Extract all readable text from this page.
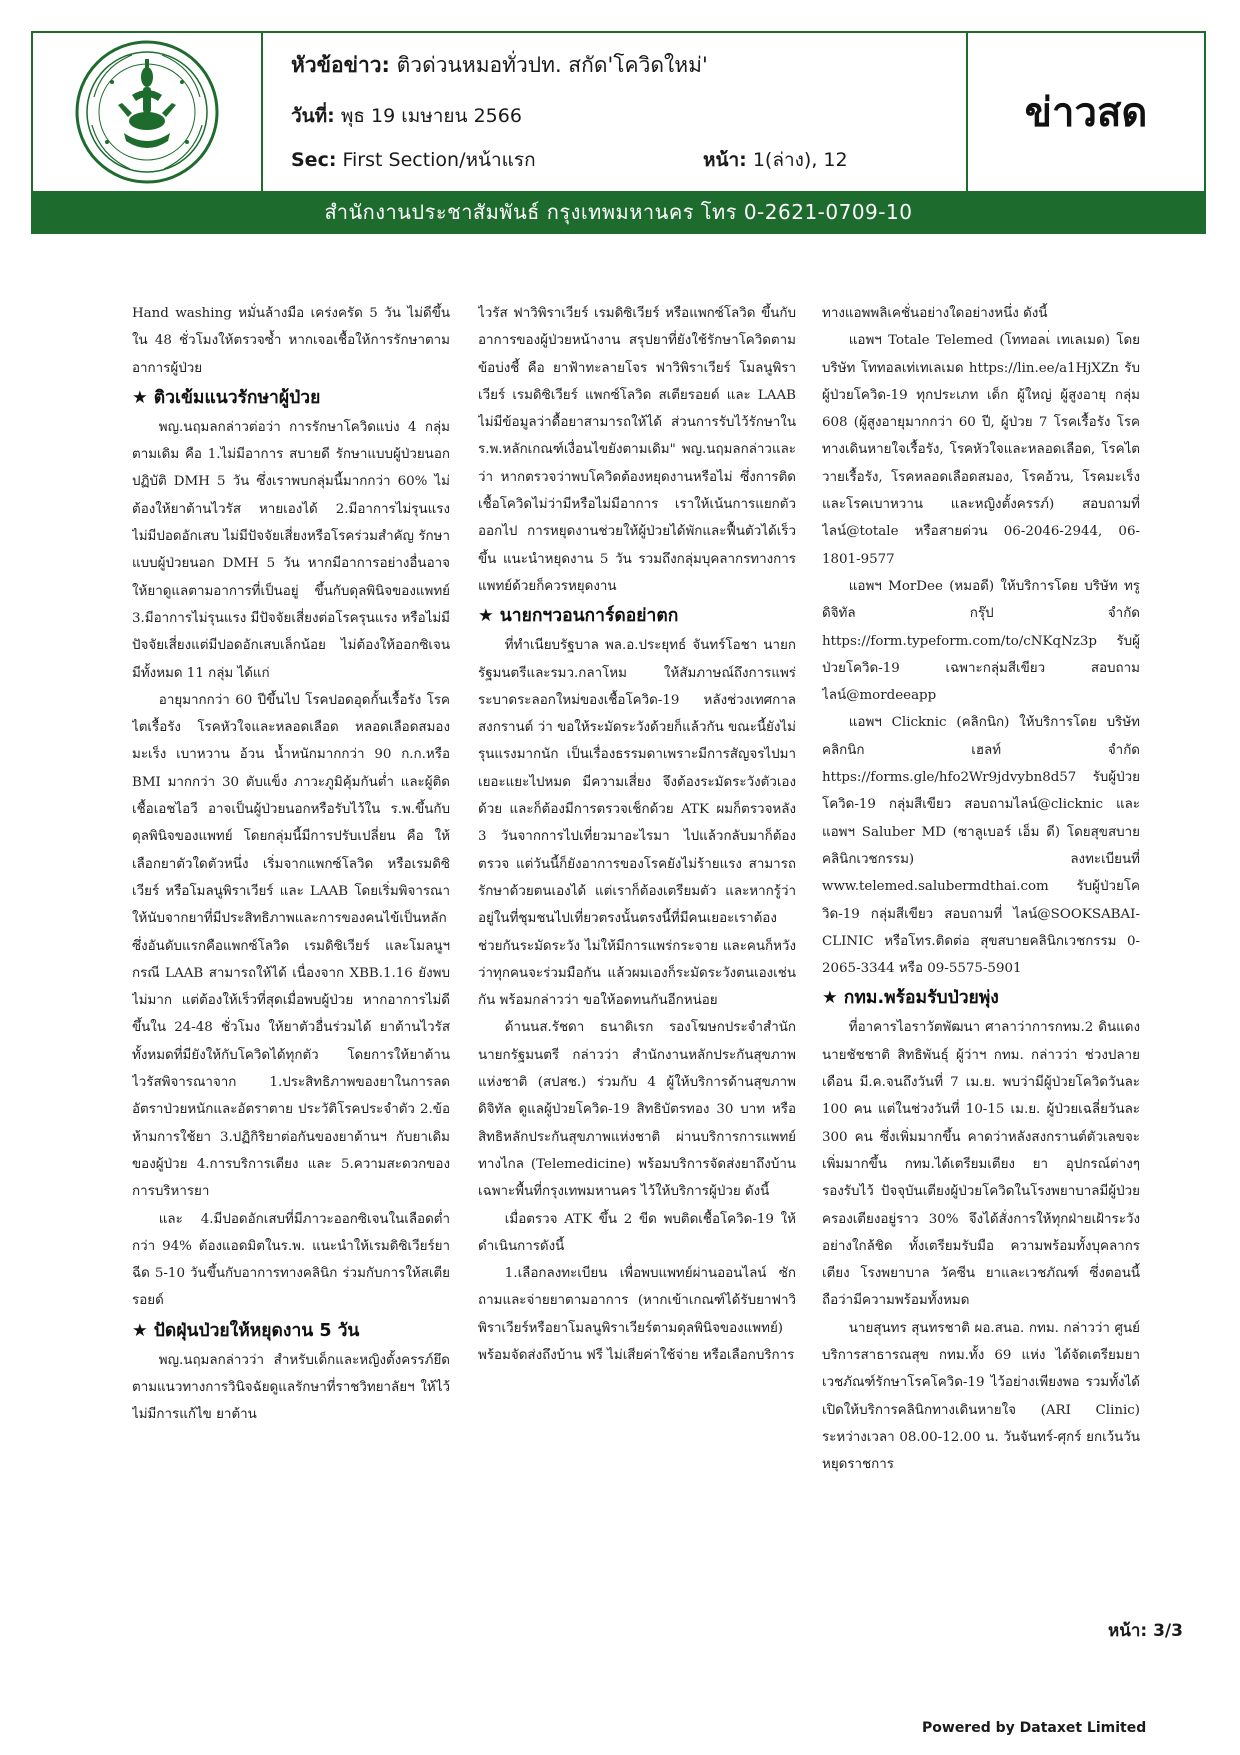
หัวข้อข่าว: ติวด่วนหมอทั่วปท. สกัด'โควิดใหม่'
วันที่: พุธ 19 เมษายน 2566
Sec: First Section/หน้าแรก	หน้า: 1(ล่าง), 12
ข่าวสด
สำนักงานประชาสัมพันธ์ กรุงเทพมหานคร โทร 0-2621-0709-10

Hand washing หมั่นล้างมือ เคร่งครัด 5 วัน ไม่ดีขึ้นใน 48 ชั่วโมงให้ตรวจซ้ำ หากเจอเชื้อให้การรักษาตามอาการผู้ป่วย

★ ติวเข้มแนวรักษาผู้ป่วย

พญ.นฤมลกล่าวต่อว่า การรักษาโควิดแบ่ง 4 กลุ่มตามเดิม คือ 1.ไม่มีอาการ สบายดี รักษาแบบผู้ป่วยนอก ปฏิบัติ DMH 5 วัน ซึ่งเราพบกลุ่มนี้มากกว่า 60% ไม่ต้องให้ยาต้านไวรัส หายเองได้ 2.มีอาการไม่รุนแรง ไม่มีปอดอักเสบ ไม่มีปัจจัยเสี่ยงหรือโรคร่วมสำคัญ รักษาแบบผู้ป่วยนอก DMH 5 วัน หากมีอาการอย่างอื่นอาจให้ยาดูแลตามอาการที่เป็นอยู่ ขึ้นกับดุลพินิจของแพทย์ 3.มีอาการไม่รุนแรง มีปัจจัยเสี่ยงต่อโรครุนแรง หรือไม่มีปัจจัยเสี่ยงแต่มีปอดอักเสบเล็กน้อย ไม่ต้องให้ออกซิเจน มีทั้งหมด 11 กลุ่ม ได้แก่

อายุมากกว่า 60 ปีขึ้นไป โรคปอดอุดกั้นเรื้อรัง โรคไตเรื้อรัง โรคหัวใจและหลอดเลือด หลอดเลือดสมอง มะเร็ง เบาหวาน อ้วน น้ำหนักมากกว่า 90 ก.ก.หรือ BMI มากกว่า 30 ตับแข็ง ภาวะภูมิคุ้มกันต่ำ และผู้ติดเชื้อเอชไอวี อาจเป็นผู้ป่วยนอกหรือรับไว้ใน ร.พ.ขึ้นกับดุลพินิจของแพทย์ โดยกลุ่มนี้มีการปรับเปลี่ยน คือ ให้เลือกยาตัวใดตัวหนึ่ง เริ่มจากแพกซ์โลวิด หรือเรมดิซิเวียร์ หรือโมลนูพิราเวียร์ และ LAAB โดยเริ่มพิจารณาให้นับจากยาที่มีประสิทธิภาพและการของคนไข้เป็นหลัก ซึ่งอันดับแรกคือแพกซ์โลวิด เรมดิซิเวียร์ และโมลนูฯ กรณี LAAB สามารถให้ได้ เนื่องจาก XBB.1.16 ยังพบไม่มาก แต่ต้องให้เร็วที่สุดเมื่อพบผู้ป่วย หากอาการไม่ดีขึ้นใน 24-48 ชั่วโมง ให้ยาตัวอื่นร่วมได้ ยาต้านไวรัสทั้งหมดที่มียังให้กับโควิดได้ทุกตัว โดยการให้ยาต้านไวรัสพิจารณาจาก 1.ประสิทธิภาพของยาในการลดอัตราป่วยหนักและอัตราตาย ประวัติโรคประจำตัว 2.ข้อห้ามการใช้ยา 3.ปฏิกิริยาต่อกันของยาต้านฯ กับยาเดิมของผู้ป่วย 4.การบริการเตียง และ 5.ความสะดวกของการบริหารยา

และ 4.มีปอดอักเสบที่มีภาวะออกซิเจนในเลือดต่ำกว่า 94% ต้องแอดมิตในร.พ. แนะนำให้เรมดิซิเวียร์ยาฉีด 5-10 วันขึ้นกับอาการทางคลินิก ร่วมกับการให้สเตียรอยด์

★ ปัดฝุ่นป่วยให้หยุดงาน 5 วัน

พญ.นฤมลกล่าวว่า สำหรับเด็กและหญิงตั้งครรภ์ยึดตามแนวทางการวินิจฉัยดูแลรักษาที่ราชวิทยาลัยฯ ให้ไว้ ไม่มีการแก้ไข ยาต้าน

ไวรัส ฟาวิพิราเวียร์ เรมดิซิเวียร์ หรือแพกซ์โลวิด ขึ้นกับอาการของผู้ป่วยหน้างาน สรุปยาที่ยังใช้รักษาโควิดตามข้อบ่งชี้ คือ ยาฟ้าทะลายโจร ฟาวิพิราเวียร์ โมลนูพิราเวียร์ เรมดิซิเวียร์ แพกซ์โลวิด สเตียรอยด์ และ LAAB ไม่มีข้อมูลว่าดื้อยาสามารถให้ได้ ส่วนการรับไว้รักษาใน ร.พ.หลักเกณฑ์เงื่อนไขยังตามเดิม" พญ.นฤมลกล่าวและว่า หากตรวจว่าพบโควิดต้องหยุดงานหรือไม่ ซึ่งการติดเชื้อโควิดไม่ว่ามีหรือไม่มีอาการ เราให้เน้นการแยกตัวออกไป การหยุดงานช่วยให้ผู้ป่วยได้พักและฟื้นตัวได้เร็วขึ้น แนะนำหยุดงาน 5 วัน รวมถึงกลุ่มบุคลากรทางการแพทย์ด้วยก็ควรหยุดงาน

★ นายกฯวอนการ์ดอย่าตก

ที่ทำเนียบรัฐบาล พล.อ.ประยุทธ์ จันทร์โอชา นายกรัฐมนตรีและรมว.กลาโหม ให้สัมภาษณ์ถึงการแพร่ระบาดระลอกใหม่ของเชื้อโควิด-19 หลังช่วงเทศกาลสงกรานต์ ว่า ขอให้ระมัดระวังด้วยก็แล้วกัน ขณะนี้ยังไม่รุนแรงมากนัก เป็นเรื่องธรรมดาเพราะมีการสัญจรไปมาเยอะแยะไปหมด มีความเสี่ยง จึงต้องระมัดระวังตัวเองด้วย และก็ต้องมีการตรวจเช็กด้วย ATK ผมก็ตรวจหลัง 3 วันจากการไปเที่ยวมาอะไรมา ไปแล้วกลับมาก็ต้องตรวจ แต่วันนี้ก็ยังอาการของโรคยังไม่ร้ายแรง สามารถรักษาด้วยตนเองได้ แต่เราก็ต้องเตรียมตัว และหากรู้ว่าอยู่ในที่ชุมชนไปเที่ยวตรงนั้นตรงนี้ที่มีคนเยอะเราต้องช่วยกันระมัดระวัง ไม่ให้มีการแพร่กระจาย และคนก็หวังว่าทุกคนจะร่วมมือกัน แล้วผมเองก็ระมัดระวังตนเองเช่นกัน พร้อมกล่าวว่า ขอให้อดทนกันอีกหน่อย

ด้านนส.รัชดา ธนาดิเรก รองโฆษกประจำสำนักนายกรัฐมนตรี กล่าวว่า สำนักงานหลักประกันสุขภาพแห่งชาติ (สปสช.) ร่วมกับ 4 ผู้ให้บริการด้านสุขภาพดิจิทัล ดูแลผู้ป่วยโควิด-19 สิทธิบัตรทอง 30 บาท หรือสิทธิหลักประกันสุขภาพแห่งชาติ ผ่านบริการการแพทย์ทางไกล (Telemedicine) พร้อมบริการจัดส่งยาถึงบ้าน เฉพาะพื้นที่กรุงเทพมหานคร ไว้ให้บริการผู้ป่วย ดังนี้

เมื่อตรวจ ATK ขึ้น 2 ขีด พบติดเชื้อโควิด-19 ให้ดำเนินการดังนี้

1.เลือกลงทะเบียน เพื่อพบแพทย์ผ่านออนไลน์ ซักถามและจ่ายยาตามอาการ (หากเข้าเกณฑ์ได้รับยาฟาวิพิราเวียร์หรือยาโมลนูพิราเวียร์ตามดุลพินิจของแพทย์) พร้อมจัดส่งถึงบ้าน ฟรี ไม่เสียค่าใช้จ่าย หรือเลือกบริการ

ทางแอพพลิเคชั่นอย่างใดอย่างหนึ่ง ดังนี้

แอพฯ Totale Telemed (โททอลเ่ เทเลเมด) โดย บริษัท โททอลเท่เทเลเมด https://lin.ee/a1HjXZn รับผู้ป่วยโควิด-19 ทุกประเภท เด็ก ผู้ใหญ่ ผู้สูงอายุ กลุ่ม 608 (ผู้สูงอายุมากกว่า 60 ปี, ผู้ป่วย 7 โรคเรื้อรัง โรคทางเดินหายใจเรื้อรัง, โรคหัวใจและหลอดเลือด, โรคไตวายเรื้อรัง, โรคหลอดเลือดสมอง, โรคอ้วน, โรคมะเร็ง และโรคเบาหวาน และหญิงตั้งครรภ์) สอบถามที่ไลน์@totale หรือสายด่วน 06-2046-2944, 06-1801-9577

แอพฯ MorDee (หมอดี) ให้บริการโดย บริษัท ทรู ดิจิทัล กรุ๊ป จำกัด https://form.typeform.com/to/cNKqNz3p รับผู้ป่วยโควิด-19 เฉพาะกลุ่มสีเขียว สอบถามไลน์@mordeeapp

แอพฯ Clicknic (คลิกนิก) ให้บริการโดย บริษัท คลิกนิก เฮลท์ จำกัด https://forms.gle/hfo2Wr9jdvybn8d57 รับผู้ป่วยโควิด-19 กลุ่มสีเขียว สอบถามไลน์@clicknic และแอพฯ Saluber MD (ซาลูเบอร์ เอ็ม ดี) โดยสุขสบายคลินิกเวชกรรม) ลงทะเบียนที่ www.telemed.salubermdthai.com รับผู้ป่วยโควิด-19 กลุ่มสีเขียว สอบถามที่ ไลน์@SOOKSABAI-CLINIC หรือโทร.ติดต่อ สุขสบายคลินิกเวชกรรม 0-2065-3344 หรือ 09-5575-5901

★ กทม.พร้อมรับป่วยพุ่ง

ที่อาคารไอราวัตพัฒนา ศาลาว่าการกทม.2 ดินแดง นายชัชชาติ สิทธิพันธุ์ ผู้ว่าฯ กทม. กล่าวว่า ช่วงปลายเดือน มี.ค.จนถึงวันที่ 7 เม.ย. พบว่ามีผู้ป่วยโควิดวันละ 100 คน แต่ในช่วงวันที่ 10-15 เม.ย. ผู้ป่วยเฉลี่ยวันละ 300 คน ซึ่งเพิ่มมากขึ้น คาดว่าหลังสงกรานต์ตัวเลขจะเพิ่มมากขึ้น กทม.ได้เตรียมเตียง ยา อุปกรณ์ต่างๆ รองรับไว้ ปัจจุบันเตียงผู้ป่วยโควิดในโรงพยาบาลมีผู้ป่วยครองเตียงอยู่ราว 30% จึงได้สั่งการให้ทุกฝ่ายเฝ้าระวังอย่างใกล้ชิด ทั้งเตรียมรับมือ ความพร้อมทั้งบุคลากร เตียง โรงพยาบาล วัคซีน ยาและเวชภัณฑ์ ซึ่งตอนนี้ถือว่ามีความพร้อมทั้งหมด

นายสุนทร สุนทรชาติ ผอ.สนอ. กทม. กล่าวว่า ศูนย์บริการสาธารณสุข กทม.ทั้ง 69 แห่ง ได้จัดเตรียมยา เวชภัณฑ์รักษาโรคโควิด-19 ไว้อย่างเพียงพอ รวมทั้งได้เปิดให้บริการคลินิกทางเดินหายใจ (ARI Clinic) ระหว่างเวลา 08.00-12.00 น. วันจันทร์-ศุกร์ ยกเว้นวันหยุดราชการ

หน้า: 3/3
Powered by Dataxet Limited
